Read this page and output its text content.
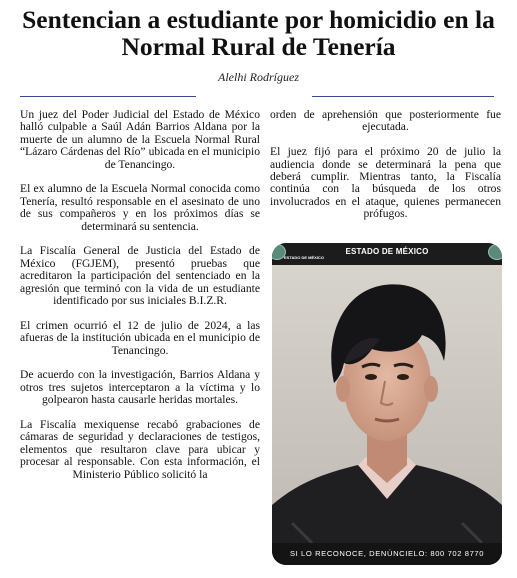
Sentencian a estudiante por homicidio en la
Normal Rural de Tenería
Alelhi Rodríguez

Un juez del Poder Judicial del Estado de México halló culpable a Saúl Adán Barrios Aldana por la muerte de un alumno de la Escuela Normal Rural “Lázaro Cárdenas del Río” ubicada en el municipio de Tenancingo.

El ex alumno de la Escuela Normal conocida como Tenería, resultó responsable en el asesinato de uno de sus compañeros y en los próximos días se determinará su sentencia.

La Fiscalía General de Justicia del Estado de México (FGJEM), presentó pruebas que acreditaron la participación del sentenciado en la agresión que terminó con la vida de un estudiante identificado por sus iniciales B.I.Z.R.

El crimen ocurrió el 12 de julio de 2024, a las afueras de la institución ubicada en el municipio de Tenancingo.

De acuerdo con la investigación, Barrios Aldana y otros tres sujetos interceptaron a la víctima y lo golpearon hasta causarle heridas mortales.

La Fiscalía mexiquense recabó grabaciones de cámaras de seguridad y declaraciones de testigos, elementos que resultaron clave para ubicar y procesar al responsable. Con esta información, el Ministerio Público solicitó la

orden de aprehensión que posteriormente fue ejecutada.

El juez fijó para el próximo 20 de julio la audiencia donde se determinará la pena que deberá cumplir. Mientras tanto, la Fiscalía continúa con la búsqueda de los otros involucrados en el ataque, quienes permanecen prófugos.

ESTADO DE MÉXICO
ESTADO DE MÉXICO
SI LO RECONOCE, DENÚNCIELO: 800 702 8770
